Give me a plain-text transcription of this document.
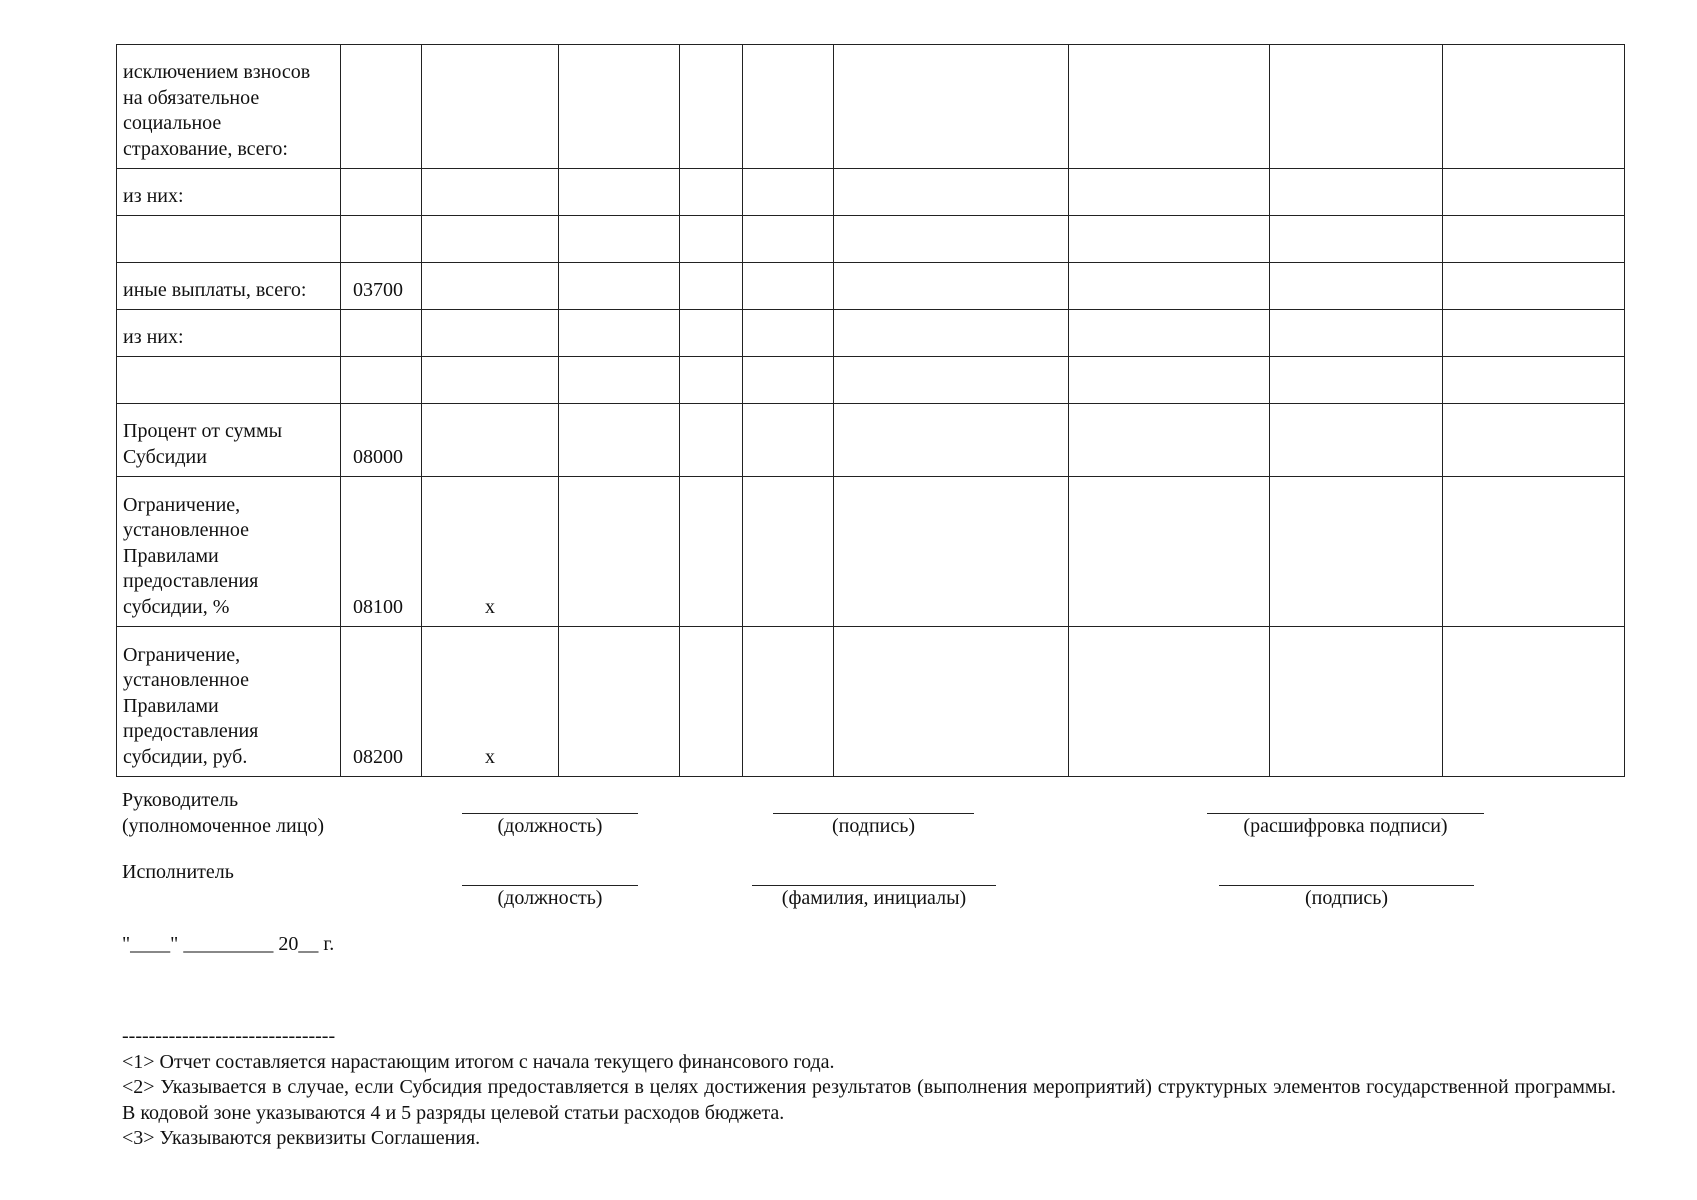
исключением взносов на обязательное социальное страхование, всего:									
из них:									

иные выплаты, всего:	03700								
из них:									

Процент от суммы Субсидии	08000								
Ограничение, установленное Правилами предоставления субсидии, %	08100	x							
Ограничение, установленное Правилами предоставления субсидии, руб.	08200	x							
Руководитель
(уполномоченное лицо)	(должность)	(подпись)	(расшифровка подписи)
Исполнитель
(должность)	(фамилия, инициалы)	(подпись)
"____" _________ 20__ г.

--------------------------------

<1> Отчет составляется нарастающим итогом с начала текущего финансового года.

<2> Указывается в случае, если Субсидия предоставляется в целях достижения результатов (выполнения мероприятий) структурных элементов государственной программы. В кодовой зоне указываются 4 и 5 разряды целевой статьи расходов бюджета.

<3> Указываются реквизиты Соглашения.
